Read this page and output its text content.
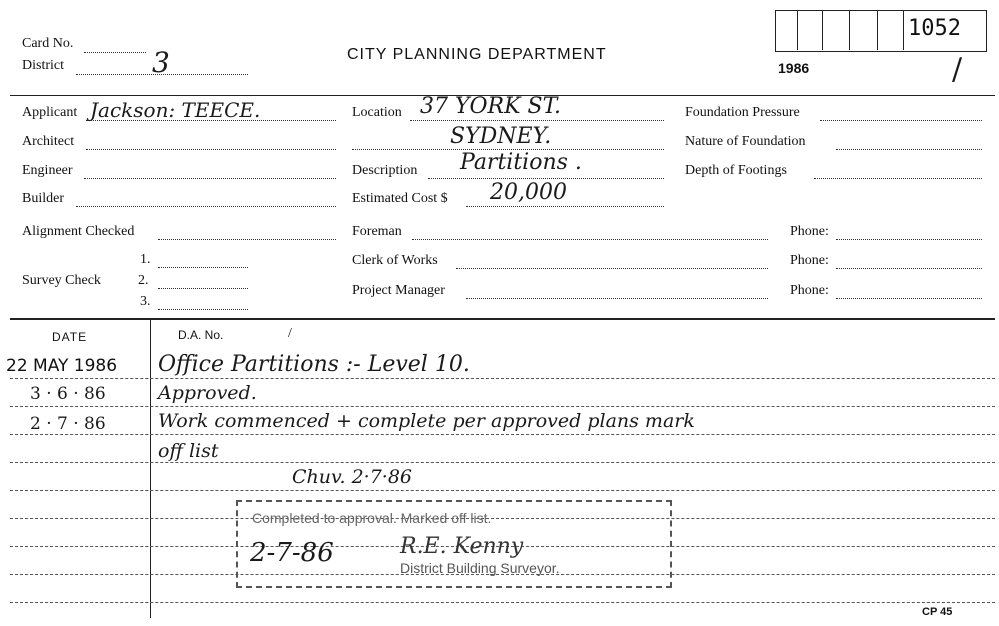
Card No.
District	3	CITY PLANNING DEPARTMENT
1052
1986	/
Applicant Jackson: TEECE.
Architect
Engineer
Builder
Alignment Checked
Survey Check
1.
2.
3.
Location 37 YORK ST.
SYDNEY.
Description Partitions .
Estimated Cost $ 20,000
Foreman	Phone:
Clerk of Works	Phone:
Project Manager	Phone:
Foundation Pressure
Nature of Foundation
Depth of Footings
DATE	D.A. No.	/
22 MAY 1986 Office Partitions :- Level 10.
3 · 6 · 86	Approved.
2 · 7 · 86	Work commenced + complete per approved plans mark
off list
Chuv. 2·7·86
Completed to approval. Marked off list.
2-7-86	R.E. Kenny
District Building Surveyor.
CP 45
